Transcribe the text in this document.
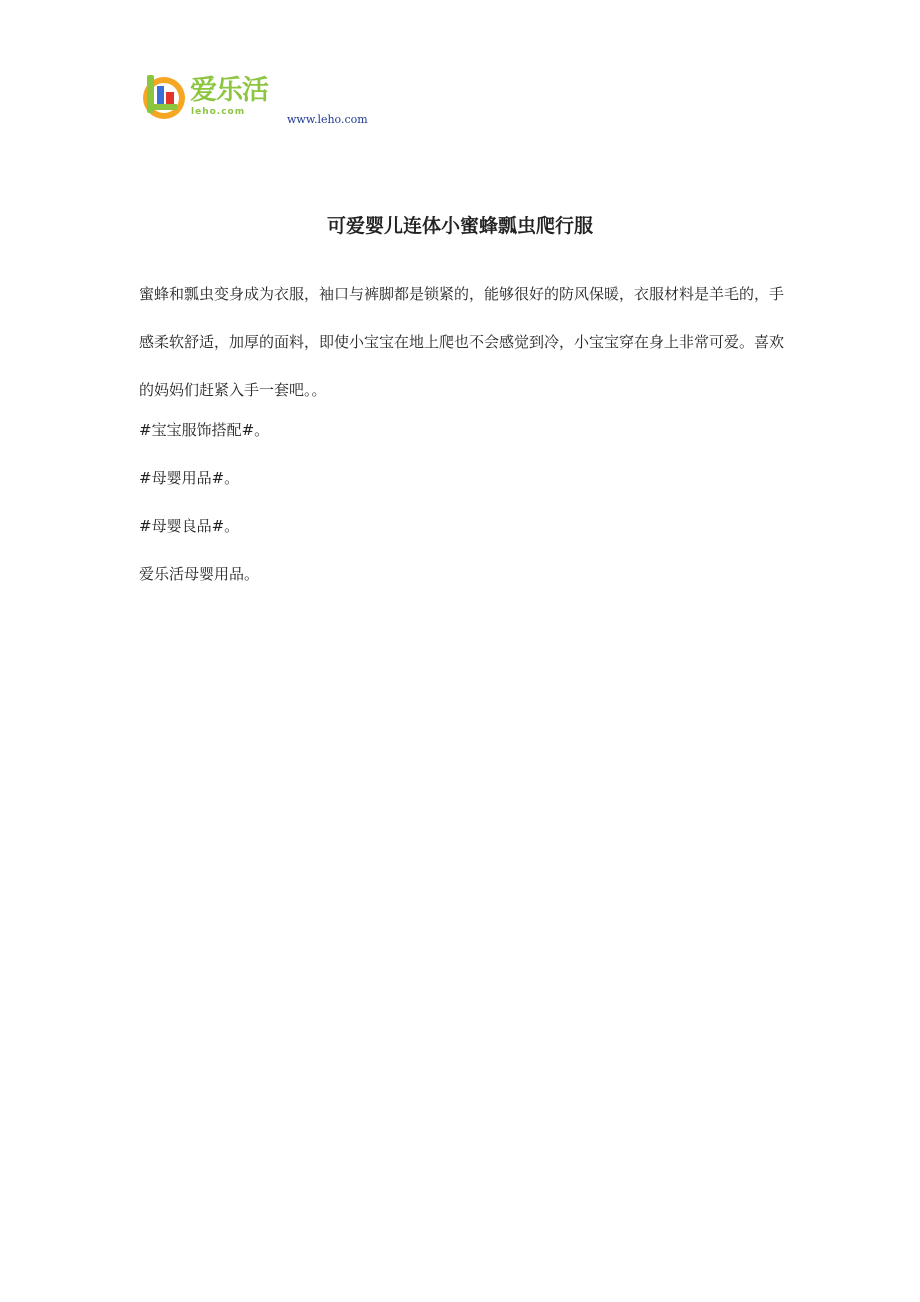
爱乐活
leho.com
www.leho.com
可爱婴儿连体小蜜蜂瓢虫爬行服

蜜蜂和瓢虫变身成为衣服，袖口与裤脚都是锁紧的，能够很好的防风保暖，衣服材料是羊毛的，手感柔软舒适，加厚的面料，即使小宝宝在地上爬也不会感觉到冷，小宝宝穿在身上非常可爱。喜欢的妈妈们赶紧入手一套吧。。

#宝宝服饰搭配#。
#母婴用品#。
#母婴良品#。
爱乐活母婴用品。
